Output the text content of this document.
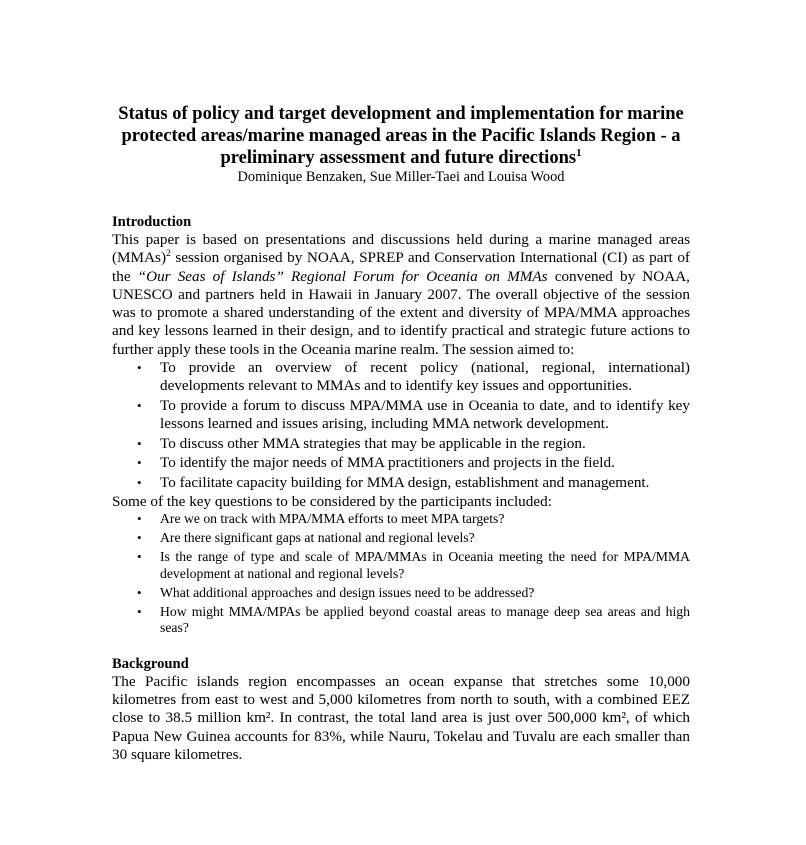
Status of policy and target development and implementation for marine
protected areas/marine managed areas in the Pacific Islands Region - a
preliminary assessment and future directions$^1$
Dominique Benzaken, Sue Miller-Taei and Louisa Wood
Introduction

This paper is based on presentations and discussions held during a marine managed areas (MMAs)$^2$ session organised by NOAA, SPREP and Conservation International (CI) as part of the “Our Seas of Islands” Regional Forum for Oceania on MMAs convened by NOAA, UNESCO and partners held in Hawaii in January 2007. The overall objective of the session was to promote a shared understanding of the extent and diversity of MPA/MMA approaches and key lessons learned in their design, and to identify practical and strategic future actions to further apply these tools in the Oceania marine realm. The session aimed to:

• To provide an overview of recent policy (national, regional, international) developments relevant to MMAs and to identify key issues and opportunities.
• To provide a forum to discuss MPA/MMA use in Oceania to date, and to identify key lessons learned and issues arising, including MMA network development.
• To discuss other MMA strategies that may be applicable in the region.
• To identify the major needs of MMA practitioners and projects in the field.
• To facilitate capacity building for MMA design, establishment and management.

Some of the key questions to be considered by the participants included:

• Are we on track with MPA/MMA efforts to meet MPA targets?
• Are there significant gaps at national and regional levels?
• Is the range of type and scale of MPA/MMAs in Oceania meeting the need for MPA/MMA development at national and regional levels?
• What additional approaches and design issues need to be addressed?
• How might MMA/MPAs be applied beyond coastal areas to manage deep sea areas and high seas?
Background

The Pacific islands region encompasses an ocean expanse that stretches some 10,000 kilometres from east to west and 5,000 kilometres from north to south, with a combined EEZ close to 38.5 million km². In contrast, the total land area is just over 500,000 km², of which Papua New Guinea accounts for 83%, while Nauru, Tokelau and Tuvalu are each smaller than 30 square kilometres.
